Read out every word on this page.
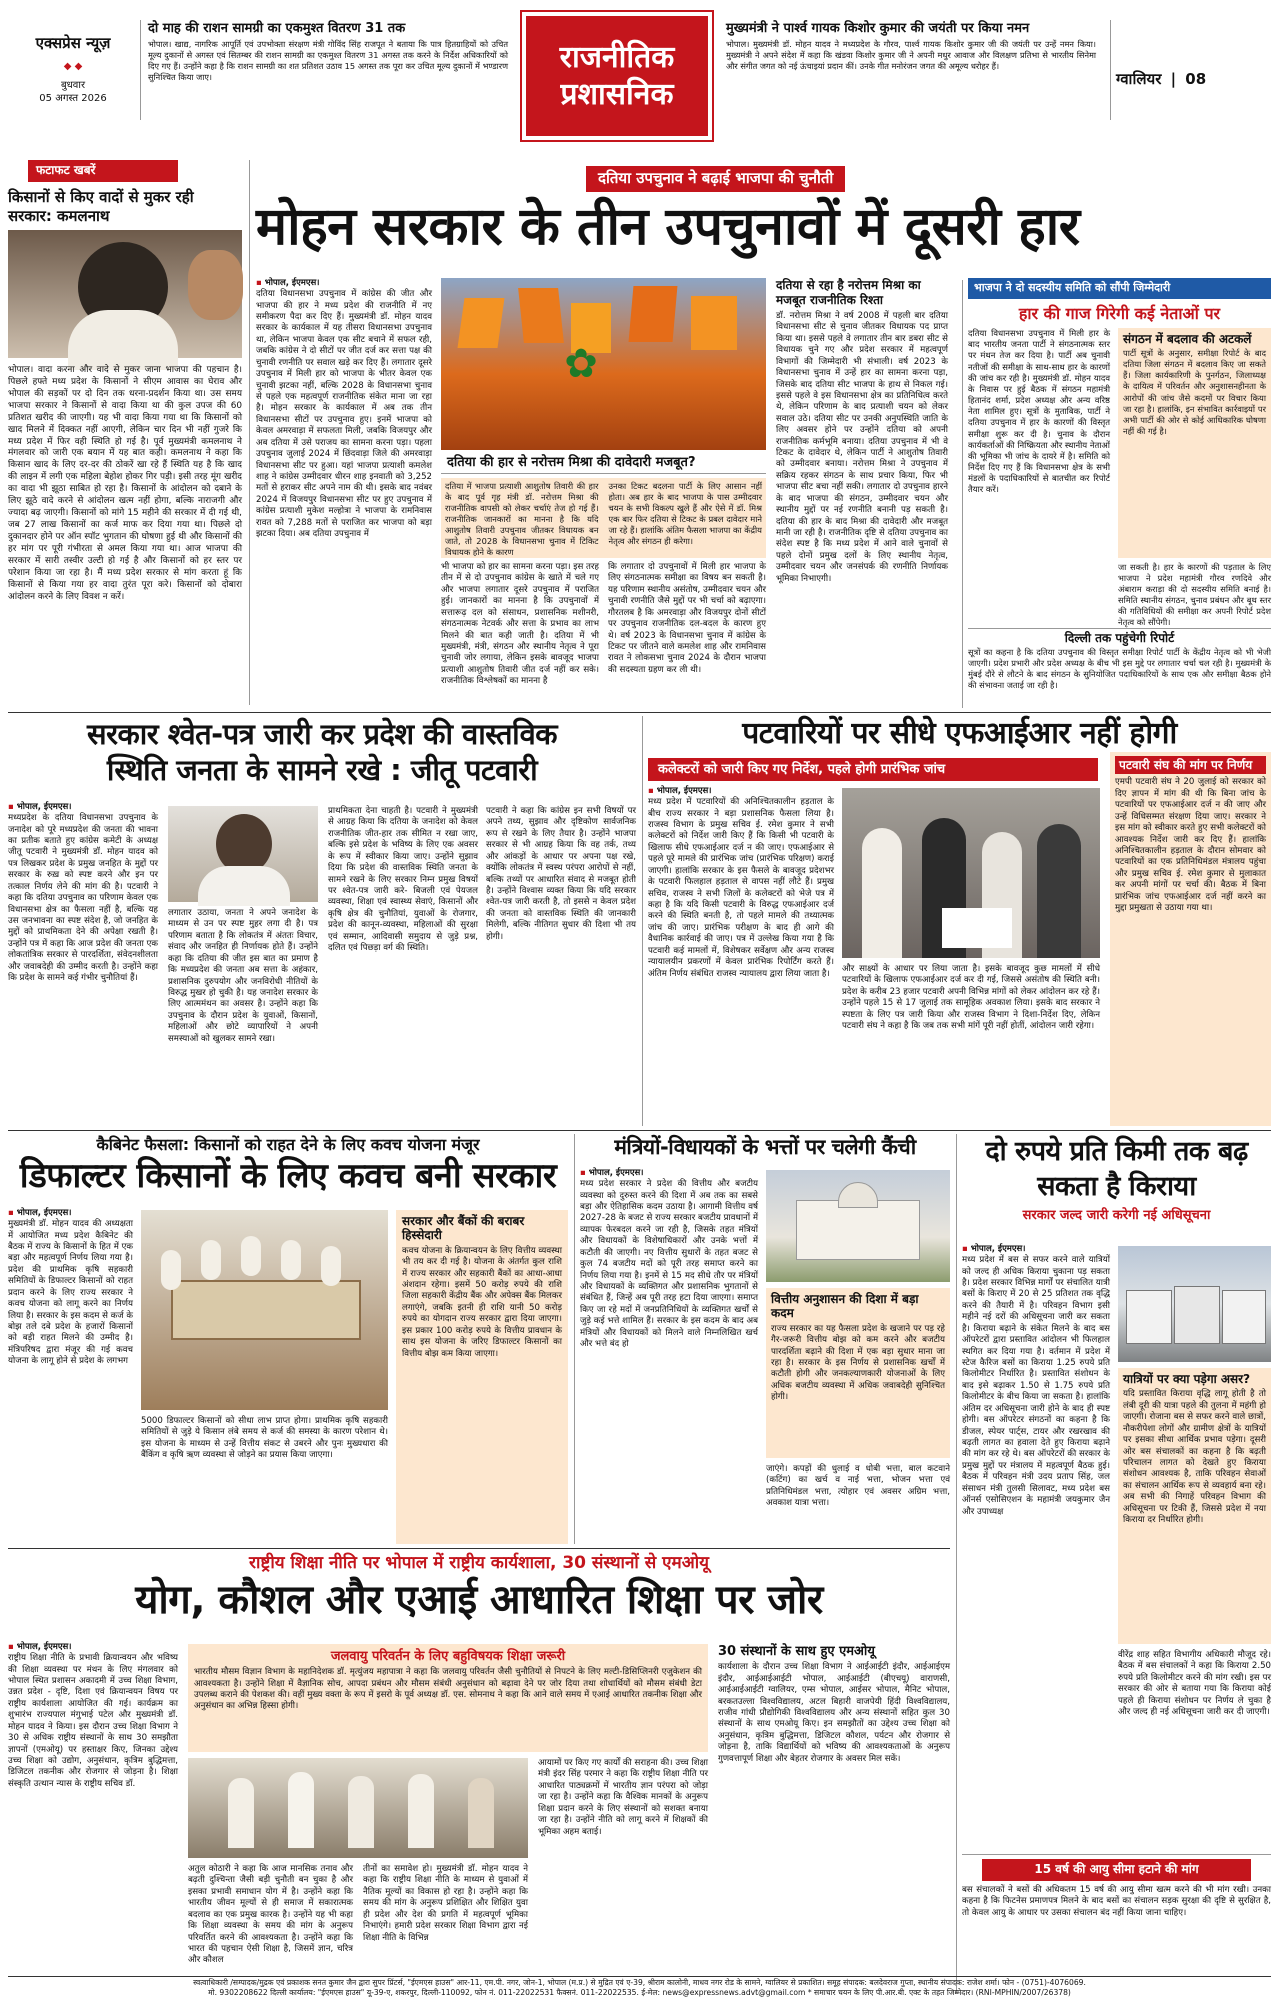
एक्सप्रेस न्यूज़
◆ ◆
बुधवार
05 अगस्त 2026
दो माह की राशन सामग्री का एकमुश्त वितरण 31 तक
भोपाल। खाद्य, नागरिक आपूर्ति एवं उपभोक्ता संरक्षण मंत्री गोविंद सिंह राजपूत ने बताया कि पात्र हितग्राहियों को उचित मूल्य दुकानों से अगस्त एवं सितम्बर की राशन सामग्री का एकमुश्त वितरण 31 अगस्त तक करने के निर्देश अधिकारियों को दिए गए हैं। उन्होंने कहा है कि राशन सामग्री का शत प्रतिशत उठाव 15 अगस्त तक पूरा कर उचित मूल्य दुकानों में भण्डारण सुनिश्चित किया जाए।
राजनीतिक प्रशासनिक
मुख्यमंत्री ने पार्श्व गायक किशोर कुमार की जयंती पर किया नमन
भोपाल। मुख्यमंत्री डॉ. मोहन यादव ने मध्यप्रदेश के गौरव, पार्श्व गायक किशोर कुमार जी की जयंती पर उन्हें नमन किया। मुख्यमंत्री ने अपने संदेश में कहा कि खंडवा किशोर कुमार जी ने अपनी मधुर आवाज और विलक्षण प्रतिभा से भारतीय सिनेमा और संगीत जगत को नई ऊंचाइयां प्रदान कीं। उनके गीत मनोरंजन जगत की अमूल्य धरोहर हैं।
ग्वालियर | 08
फटाफट खबरें
किसानों से किए वादों से मुकर रही सरकार: कमलनाथ
भोपाल। वादा करना और वादे से मुकर जाना भाजपा की पहचान है। पिछले हफ्ते मध्य प्रदेश के किसानों ने सीएम आवास का घेराव और भोपाल की सड़कों पर दो दिन तक धरना-प्रदर्शन किया था। उस समय भाजपा सरकार ने किसानों से वादा किया था की कुल उपज की 60 प्रतिशत खरीद की जाएगी। यह भी वादा किया गया था कि किसानों को खाद मिलने में दिक्कत नहीं आएगी, लेकिन चार दिन भी नहीं गुजरे कि मध्य प्रदेश में फिर वही स्थिति हो गई है। पूर्व मुख्यमंत्री कमलनाथ ने मंगलवार को जारी एक बयान में यह बात कही। कमलनाथ ने कहा कि किसान खाद के लिए दर-दर की ठोकरें खा रहे हैं स्थिति यह है कि खाद की लाइन में लगी एक महिला बेहोश होकर गिर पड़ी। इसी तरह मूंग खरीद का वादा भी झूठा साबित हो रहा है। किसानों के आंदोलन को दबाने के लिए झूठे वादे करने से आंदोलन खत्म नहीं होगा, बल्कि नाराजगी और ज्यादा बढ़ जाएगी। किसानों को मांगे 15 महीने की सरकार में दी गई थी, जब 27 लाख किसानों का कर्ज माफ कर दिया गया था। पिछले दो दुकानदार होने पर ऑन स्पॉट भुगतान की घोषणा हुई थी और किसानों की हर मांग पर पूरी गंभीरता से अमल किया गया था। आज भाजपा की सरकार में सारी तस्वीर उल्टी हो गई है और किसानों को हर स्तर पर परेशान किया जा रहा है। मैं मध्य प्रदेश सरकार से मांग करता हूं कि किसानों से किया गया हर वादा तुरंत पूरा करे। किसानों को दोबारा आंदोलन करने के लिए विवश न करें।
दतिया उपचुनाव ने बढ़ाई भाजपा की चुनौती
मोहन सरकार के तीन उपचुनावों में दूसरी हार
▪ भोपाल, ईएमएस।
दतिया विधानसभा उपचुनाव में कांग्रेस की जीत और भाजपा की हार ने मध्य प्रदेश की राजनीति में नए समीकरण पैदा कर दिए हैं। मुख्यमंत्री डॉ. मोहन यादव सरकार के कार्यकाल में यह तीसरा विधानसभा उपचुनाव था, लेकिन भाजपा केवल एक सीट बचाने में सफल रही, जबकि कांग्रेस ने दो सीटों पर जीत दर्ज कर सत्ता पक्ष की चुनावी रणनीति पर सवाल खड़े कर दिए हैं। लगातार दूसरे उपचुनाव में मिली हार को भाजपा के भीतर केवल एक चुनावी झटका नहीं, बल्कि 2028 के विधानसभा चुनाव से पहले एक महत्वपूर्ण राजनीतिक संकेत माना जा रहा है। मोहन सरकार के कार्यकाल में अब तक तीन विधानसभा सीटों पर उपचुनाव हुए। इनमें भाजपा को केवल अमरवाड़ा में सफलता मिली, जबकि विजयपुर और अब दतिया में उसे पराजय का सामना करना पड़ा। पहला उपचुनाव जुलाई 2024 में छिंदवाड़ा जिले की अमरवाड़ा विधानसभा सीट पर हुआ। यहां भाजपा प्रत्याशी कमलेश शाह ने कांग्रेस उम्मीदवार धीरन शाह इनवाती को 3,252 मतों से हराकर सीट अपने नाम की थी। इसके बाद नवंबर 2024 में विजयपुर विधानसभा सीट पर हुए उपचुनाव में कांग्रेस प्रत्याशी मुकेश मल्होत्रा ने भाजपा के रामनिवास रावत को 7,288 मतों से पराजित कर भाजपा को बड़ा झटका दिया। अब दतिया उपचुनाव में
✿
दतिया की हार से नरोत्तम मिश्रा की दावेदारी मजबूत?
दतिया में भाजपा प्रत्याशी आशुतोष तिवारी की हार के बाद पूर्व गृह मंत्री डॉ. नरोत्तम मिश्रा की राजनीतिक वापसी को लेकर चर्चाएं तेज हो गई हैं। राजनीतिक जानकारों का मानना है कि यदि आशुतोष तिवारी उपचुनाव जीतकर विधायक बन जाते, तो 2028 के विधानसभा चुनाव में टिकिट विधायक होने के कारण
उनका टिकट बदलना पार्टी के लिए आसान नहीं होता। अब हार के बाद भाजपा के पास उम्मीदवार चयन के सभी विकल्प खुले हैं और ऐसे में डॉ. मिश्र एक बार फिर दतिया से टिकट के प्रबल दावेदार माने जा रहे हैं। हालांकि अंतिम फैसला भाजपा का केंद्रीय नेतृत्व और संगठन ही करेगा।
भी भाजपा को हार का सामना करना पड़ा। इस तरह तीन में से दो उपचुनाव कांग्रेस के खाते में चले गए और भाजपा लगातार दूसरे उपचुनाव में पराजित हुई। जानकारों का मानना है कि उपचुनावों में सत्तारूढ़ दल को संसाधन, प्रशासनिक मशीनरी, संगठनात्मक नेटवर्क और सत्ता के प्रभाव का लाभ मिलने की बात कही जाती है। दतिया में भी मुख्यमंत्री, मंत्री, संगठन और स्थानीय नेतृत्व ने पूरा चुनावी जोर लगाया, लेकिन इसके बावजूद भाजपा प्रत्याशी आशुतोष तिवारी जीत दर्ज नहीं कर सके। राजनीतिक विश्लेषकों का मानना है
कि लगातार दो उपचुनावों में मिली हार भाजपा के लिए संगठनात्मक समीक्षा का विषय बन सकती है। यह परिणाम स्थानीय असंतोष, उम्मीदवार चयन और चुनावी रणनीति जैसे मुद्दों पर भी चर्चा को बढ़ाएगा। गौरतलब है कि अमरवाड़ा और विजयपुर दोनों सीटों पर उपचुनाव राजनीतिक दल-बदल के कारण हुए थे। वर्ष 2023 के विधानसभा चुनाव में कांग्रेस के टिकट पर जीतने वाले कमलेश शाह और रामनिवास रावत ने लोकसभा चुनाव 2024 के दौरान भाजपा की सदस्यता ग्रहण कर ली थी।
दतिया से रहा है नरोत्तम मिश्रा का मजबूत राजनीतिक रिश्ता
डॉ. नरोत्तम मिश्रा ने वर्ष 2008 में पहली बार दतिया विधानसभा सीट से चुनाव जीतकर विधायक पद प्राप्त किया था। इससे पहले वे लगातार तीन बार डबरा सीट से विधायक चुने गए और प्रदेश सरकार में महत्वपूर्ण विभागों की जिम्मेदारी भी संभाली। वर्ष 2023 के विधानसभा चुनाव में उन्हें हार का सामना करना पड़ा, जिसके बाद दतिया सीट भाजपा के हाथ से निकल गई। इससे पहले वे इस विधानसभा क्षेत्र का प्रतिनिधित्व करते थे, लेकिन परिणाम के बाद प्रत्याशी चयन को लेकर सवाल उठे। दतिया सीट पर उनकी अनुपस्थिति जाति के लिए अवसर होने पर उन्होंने दतिया को अपनी राजनीतिक कर्मभूमि बनाया। दतिया उपचुनाव में भी वे टिकट के दावेदार थे, लेकिन पार्टी ने आशुतोष तिवारी को उम्मीदवार बनाया। नरोत्तम मिश्रा ने उपचुनाव में सक्रिय रहकर संगठन के साथ प्रचार किया, फिर भी भाजपा सीट बचा नहीं सकी। लगातार दो उपचुनाव हारने के बाद भाजपा की संगठन, उम्मीदवार चयन और स्थानीय मुद्दों पर नई रणनीति बनानी पड़ सकती है। दतिया की हार के बाद मिश्रा की दावेदारी और मजबूत मानी जा रही है। राजनीतिक दृष्टि से दतिया उपचुनाव का संदेश स्पष्ट है कि मध्य प्रदेश में आने वाले चुनावों से पहले दोनों प्रमुख दलों के लिए स्थानीय नेतृत्व, उम्मीदवार चयन और जनसंपर्क की रणनीति निर्णायक भूमिका निभाएगी।
भाजपा ने दो सदस्यीय समिति को सौंपी जिम्मेदारी
हार की गाज गिरेगी कई नेताओं पर
दतिया विधानसभा उपचुनाव में मिली हार के बाद भारतीय जनता पार्टी ने संगठनात्मक स्तर पर मंथन तेज कर दिया है। पार्टी अब चुनावी नतीजों की समीक्षा के साथ-साथ हार के कारणों की जांच कर रही है। मुख्यमंत्री डॉ. मोहन यादव के निवास पर हुई बैठक में संगठन महामंत्री हितानंद शर्मा, प्रदेश अध्यक्ष और अन्य वरिष्ठ नेता शामिल हुए। सूत्रों के मुताबिक, पार्टी ने दतिया उपचुनाव में हार के कारणों की विस्तृत समीक्षा शुरू कर दी है। चुनाव के दौरान कार्यकर्ताओं की निष्क्रियता और स्थानीय नेताओं की भूमिका भी जांच के दायरे में है। समिति को निर्देश दिए गए हैं कि विधानसभा क्षेत्र के सभी मंडलों के पदाधिकारियों से बातचीत कर रिपोर्ट तैयार करें।
संगठन में बदलाव की अटकलें
पार्टी सूत्रों के अनुसार, समीक्षा रिपोर्ट के बाद दतिया जिला संगठन में बदलाव किए जा सकते हैं। जिला कार्यकारिणी के पुनर्गठन, जिलाध्यक्ष के दायित्व में परिवर्तन और अनुशासनहीनता के आरोपों की जांच जैसे कदमों पर विचार किया जा रहा है। हालांकि, इन संभावित कार्रवाइयों पर अभी पार्टी की ओर से कोई आधिकारिक घोषणा नहीं की गई है।
जा सकती है। हार के कारणों की पड़ताल के लिए भाजपा ने प्रदेश महामंत्री गौरव रणदिवे और अंबाराम कराड़ा की दो सदस्यीय समिति बनाई है। समिति स्थानीय संगठन, चुनाव प्रबंधन और बूथ स्तर की गतिविधियों की समीक्षा कर अपनी रिपोर्ट प्रदेश नेतृत्व को सौंपेगी।
दिल्ली तक पहुंचेगी रिपोर्ट
सूत्रों का कहना है कि दतिया उपचुनाव की विस्तृत समीक्षा रिपोर्ट पार्टी के केंद्रीय नेतृत्व को भी भेजी जाएगी। प्रदेश प्रभारी और प्रदेश अध्यक्ष के बीच भी इस मुद्दे पर लगातार चर्चा चल रही है। मुख्यमंत्री के मुंबई दौरे से लौटने के बाद संगठन के सुनियोजित पदाधिकारियों के साथ एक और समीक्षा बैठक होने की संभावना जताई जा रही है।
सरकार श्वेत-पत्र जारी कर प्रदेश की वास्तविक
स्थिति जनता के सामने रखे : जीतू पटवारी
▪ भोपाल, ईएमएस।
मध्यप्रदेश के दतिया विधानसभा उपचुनाव के जनादेश को पूरे मध्यप्रदेश की जनता की भावना का प्रतीक बताते हुए कांग्रेस कमेटी के अध्यक्ष जीतू पटवारी ने मुख्यमंत्री डॉ. मोहन यादव को पत्र लिखकर प्रदेश के प्रमुख जनहित के मुद्दों पर सरकार के रुख़ को स्पष्ट करने और इन पर तत्काल निर्णय लेने की मांग की है। पटवारी ने कहा कि दतिया उपचुनाव का परिणाम केवल एक विधानसभा क्षेत्र का फैसला नहीं है, बल्कि यह उस जनभावना का स्पष्ट संदेश है, जो जनहित के मुद्दों को प्राथमिकता देने की अपेक्षा रखती है। उन्होंने पत्र में कहा कि आज प्रदेश की जनता एक लोकतांत्रिक सरकार से पारदर्शिता, संवेदनशीलता और जवाबदेही की उम्मीद करती है। उन्होंने कहा कि प्रदेश के सामने कई गंभीर चुनौतियां हैं।
लगातार उठाया, जनता ने अपने जनादेश के माध्यम से उन पर स्पष्ट मुहर लगा दी है। पत्र परिणाम बताता है कि लोकतंत्र में अंततः विचार, संवाद और जनहित ही निर्णायक होते हैं। उन्होंने कहा कि दतिया की जीत इस बात का प्रमाण है कि मध्यप्रदेश की जनता अब सत्ता के अहंकार, प्रशासनिक दुरुपयोग और जनविरोधी नीतियों के विरुद्ध मुखर हो चुकी है। यह जनादेश सरकार के लिए आत्ममंथन का अवसर है। उन्होंने कहा कि उपचुनाव के दौरान प्रदेश के युवाओं, किसानों, महिलाओं और छोटे व्यापारियों ने अपनी समस्याओं को खुलकर सामने रखा।
प्राथमिकता देना चाहती है। पटवारी ने मुख्यमंत्री से आग्रह किया कि दतिया के जनादेश को केवल राजनीतिक जीत-हार तक सीमित न रखा जाए, बल्कि इसे प्रदेश के भविष्य के लिए एक अवसर के रूप में स्वीकार किया जाए। उन्होंने सुझाव दिया कि प्रदेश की वास्तविक स्थिति जनता के सामने रखने के लिए सरकार निम्न प्रमुख विषयों पर श्वेत-पत्र जारी करे- बिजली एवं पेयजल व्यवस्था, शिक्षा एवं स्वास्थ्य सेवाएं, किसानों और कृषि क्षेत्र की चुनौतियां, युवाओं के रोजगार, प्रदेश की कानून-व्यवस्था, महिलाओं की सुरक्षा एवं सम्मान, आदिवासी समुदाय से जुड़े प्रश्न, दलित एवं पिछड़ा वर्ग की स्थिति।
पटवारी ने कहा कि कांग्रेस इन सभी विषयों पर अपने तथ्य, सुझाव और दृष्टिकोण सार्वजनिक रूप से रखने के लिए तैयार है। उन्होंने भाजपा सरकार से भी आग्रह किया कि वह तर्क, तथ्य और आंकड़ों के आधार पर अपना पक्ष रखे, क्योंकि लोकतंत्र में स्वस्थ परंपरा आरोपों से नहीं, बल्कि तथ्यों पर आधारित संवाद से मजबूत होती है। उन्होंने विश्वास व्यक्त किया कि यदि सरकार श्वेत-पत्र जारी करती है, तो इससे न केवल प्रदेश की जनता को वास्तविक स्थिति की जानकारी मिलेगी, बल्कि नीतिगत सुधार की दिशा भी तय होगी।
पटवारियों पर सीधे एफआईआर नहीं होगी
कलेक्टरों को जारी किए गए निर्देश, पहले होगी प्रारंभिक जांच
▪ भोपाल, ईएमएस।
मध्य प्रदेश में पटवारियों की अनिश्चितकालीन हड़ताल के बीच राज्य सरकार ने बड़ा प्रशासनिक फैसला लिया है। राजस्व विभाग के प्रमुख सचिव ई. रमेश कुमार ने सभी कलेक्टरों को निर्देश जारी किए हैं कि किसी भी पटवारी के खिलाफ सीधे एफआईआर दर्ज न की जाए। एफआईआर से पहले पूरे मामले की प्रारंभिक जांच (प्रारंभिक परिक्षण) कराई जाएगी। हालांकि सरकार के इस फैसले के बावजूद प्रदेशभर के पटवारी फिलहाल हड़ताल से वापस नहीं लौटे हैं। प्रमुख सचिव, राजस्व ने सभी जिलों के कलेक्टरों को भेजे पत्र में कहा है कि यदि किसी पटवारी के विरुद्ध एफआईआर दर्ज करने की स्थिति बनती है, तो पहले मामले की तथ्यात्मक जांच की जाए। प्रारंभिक परीक्षण के बाद ही आगे की वैधानिक कार्रवाई की जाए। पत्र में उल्लेख किया गया है कि पटवारी कई मामलों में, विशेषकर सर्वेक्षण और अन्य राजस्व न्यायालयीन प्रकरणों में केवल प्रारंभिक रिपोर्टिंग करते हैं। अंतिम निर्णय संबंधित राजस्व न्यायालय द्वारा लिया जाता है।	और साक्ष्यों के आधार पर लिया जाता है। इसके बावजूद कुछ मामलों में सीधे पटवारियों के खिलाफ एफआईआर दर्ज कर दी गई, जिससे असंतोष की स्थिति बनी। प्रदेश के करीब 23 हजार पटवारी अपनी विभिन्न मांगों को लेकर आंदोलन कर रहे हैं। उन्होंने पहले 15 से 17 जुलाई तक सामूहिक अवकाश लिया। इसके बाद सरकार ने स्पष्टता के लिए पत्र जारी किया और राजस्व विभाग ने दिशा-निर्देश दिए, लेकिन पटवारी संघ ने कहा है कि जब तक सभी मांगें पूरी नहीं होतीं, आंदोलन जारी रहेगा।
पटवारी संघ की मांग पर निर्णय
एमपी पटवारी संघ ने 20 जुलाई को सरकार को दिए ज्ञापन में मांग की थी कि बिना जांच के पटवारियों पर एफआईआर दर्ज न की जाए और उन्हें विधिसम्मत संरक्षण दिया जाए। सरकार ने इस मांग को स्वीकार करते हुए सभी कलेक्टरों को आवश्यक निर्देश जारी कर दिए हैं। हालांकि अनिश्चितकालीन हड़ताल के दौरान सोमवार को पटवारियों का एक प्रतिनिधिमंडल मंत्रालय पहुंचा और प्रमुख सचिव ई. रमेश कुमार से मुलाकात कर अपनी मांगों पर चर्चा की। बैठक में बिना प्रारंभिक जांच एफआईआर दर्ज नहीं करने का मुद्दा प्रमुखता से उठाया गया था।
कैबिनेट फैसला: किसानों को राहत देने के लिए कवच योजना मंजूर
डिफाल्टर किसानों के लिए कवच बनी सरकार
▪ भोपाल, ईएमएस।
मुख्यमंत्री डॉ. मोहन यादव की अध्यक्षता में आयोजित मध्य प्रदेश कैबिनेट की बैठक में राज्य के किसानों के हित में एक बड़ा और महत्वपूर्ण निर्णय लिया गया है। प्रदेश की प्राथमिक कृषि सहकारी समितियों के डिफाल्टर किसानों को राहत प्रदान करने के लिए राज्य सरकार ने कवच योजना को लागू करने का निर्णय लिया है। सरकार के इस कदम से कर्ज के बोझ तले दबे प्रदेश के हजारों किसानों को बड़ी राहत मिलने की उम्मीद है। मंत्रिपरिषद द्वारा मंजूर की गई कवच योजना के लागू होने से प्रदेश के लगभग
5000 डिफाल्टर किसानों को सीधा लाभ प्राप्त होगा। प्राथमिक कृषि सहकारी समितियों से जुड़े ये किसान लंबे समय से कर्ज की समस्या के कारण परेशान थे। इस योजना के माध्यम से उन्हें वित्तीय संकट से उबरने और पुनः मुख्यधारा की बैंकिंग व कृषि ऋण व्यवस्था से जोड़ने का प्रयास किया जाएगा।
सरकार और बैंकों की बराबर हिस्सेदारी
कवच योजना के क्रियान्वयन के लिए वित्तीय व्यवस्था भी तय कर दी गई है। योजना के अंतर्गत कुल राशि में राज्य सरकार और सहकारी बैंकों का आधा-आधा अंशदान रहेगा। इसमें 50 करोड़ रुपये की राशि जिला सहकारी केंद्रीय बैंक और अपेक्स बैंक मिलकर लगाएंगे, जबकि इतनी ही राशि यानी 50 करोड़ रुपये का योगदान राज्य सरकार द्वारा दिया जाएगा। इस प्रकार 100 करोड़ रुपये के वित्तीय प्रावधान के साथ इस योजना के जरिए डिफाल्टर किसानों का वित्तीय बोझ कम किया जाएगा।
मंत्रियों-विधायकों के भत्तों पर चलेगी कैंची
▪ भोपाल, ईएमएस।
मध्य प्रदेश सरकार ने प्रदेश की वित्तीय और बजटीय व्यवस्था को दुरुस्त करने की दिशा में अब तक का सबसे बड़ा और ऐतिहासिक कदम उठाया है। आगामी वित्तीय वर्ष 2027-28 के बजट से राज्य सरकार बजटीय प्रावधानों में व्यापक फेरबदल करने जा रही है, जिसके तहत मंत्रियों और विधायकों के विशेषाधिकारों और उनके भत्तों में कटौती की जाएगी। नए वित्तीय सुधारों के तहत बजट से कुल 74 बजटीय मदों को पूरी तरह समाप्त करने का निर्णय लिया गया है। इनमें से 15 मद सीधे तौर पर मंत्रियों और विधायकों के व्यक्तिगत और प्रशासनिक भुगतानों से संबंधित हैं, जिन्हें अब पूरी तरह हटा दिया जाएगा। समाप्त किए जा रहे मदों में जनप्रतिनिधियों के व्यक्तिगत खर्चों से जुड़े कई भत्ते शामिल हैं। सरकार के इस कदम के बाद अब मंत्रियों और विधायकों को मिलने वाले निम्नलिखित खर्च और भत्ते बंद हो
वित्तीय अनुशासन की दिशा में बड़ा कदम
राज्य सरकार का यह फैसला प्रदेश के खजाने पर पड़ रहे गैर-जरूरी वित्तीय बोझ को कम करने और बजटीय पारदर्शिता बढ़ाने की दिशा में एक बड़ा सुधार माना जा रहा है। सरकार के इस निर्णय से प्रशासनिक खर्चों में कटौती होगी और जनकल्याणकारी योजनाओं के लिए अधिक बजटीय व्यवस्था में अधिक जवाबदेही सुनिश्चित होगी।
जाएंगे। कपड़ों की धुलाई व धोबी भत्ता, बाल कटवाने (कटिंग) का खर्च व नाई भत्ता, भोजन भत्ता एवं प्रतिनिधिमंडल भत्ता, त्योहार एवं अवसर अग्रिम भत्ता, अवकाश यात्रा भत्ता।
दो रुपये प्रति किमी तक बढ़ सकता है किराया
सरकार जल्द जारी करेगी नई अधिसूचना
▪ भोपाल, ईएमएस।
मध्य प्रदेश में बस से सफर करने वाले यात्रियों को जल्द ही अधिक किराया चुकाना पड़ सकता है। प्रदेश सरकार विभिन्न मार्गों पर संचालित यात्री बसों के किराए में 20 से 25 प्रतिशत तक वृद्धि करने की तैयारी में है। परिवहन विभाग इसी महीने नई दरों की अधिसूचना जारी कर सकता है। किराया बढ़ाने के संकेत मिलने के बाद बस ऑपरेटरों द्वारा प्रस्तावित आंदोलन भी फिलहाल स्थगित कर दिया गया है। वर्तमान में प्रदेश में स्टेज कैरिज बसों का किराया 1.25 रुपये प्रति किलोमीटर निर्धारित है। प्रस्तावित संशोधन के बाद इसे बढ़ाकर 1.50 से 1.75 रुपये प्रति किलोमीटर के बीच किया जा सकता है। हालांकि अंतिम दर अधिसूचना जारी होने के बाद ही स्पष्ट होगी। बस ऑपरेटर संगठनों का कहना है कि डीजल, स्पेयर पार्ट्स, टायर और रखरखाव की बढ़ती लागत का हवाला देते हुए किराया बढ़ाने की मांग कर रहे थे। बस ऑपरेटरों की सरकार के प्रमुख मुद्दों पर मंत्रालय में महत्वपूर्ण बैठक हुई। बैठक में परिवहन मंत्री उदय प्रताप सिंह, जल संसाधन मंत्री तुलसी सिलावट, मध्य प्रदेश बस ऑनर्स एसोसिएशन के महामंत्री जयकुमार जैन और उपाध्यक्ष
यात्रियों पर क्या पड़ेगा असर?
यदि प्रस्तावित किराया वृद्धि लागू होती है तो लंबी दूरी की यात्रा पहले की तुलना में महंगी हो जाएगी। रोजाना बस से सफर करने वाले छात्रों, नौकरीपेशा लोगों और ग्रामीण क्षेत्रों के यात्रियों पर इसका सीधा आर्थिक प्रभाव पड़ेगा। दूसरी ओर बस संचालकों का कहना है कि बढ़ती परिचालन लागत को देखते हुए किराया संशोधन आवश्यक है, ताकि परिवहन सेवाओं का संचालन आर्थिक रूप से व्यवहार्य बना रहे। अब सभी की निगाहें परिवहन विभाग की अधिसूचना पर टिकी हैं, जिससे प्रदेश में नया किराया दर निर्धारित होगी।
वीरेंद्र शाह सहित विभागीय अधिकारी मौजूद रहे। बैठक में बस संचालकों ने कहा कि किराया 2.50 रुपये प्रति किलोमीटर करने की मांग रखी। इस पर सरकार की ओर से बताया गया कि किराया कोई पहले ही किराया संशोधन पर निर्णय ले चुका है और जल्द ही नई अधिसूचना जारी कर दी जाएगी।
15 वर्ष की आयु सीमा हटाने की मांग
बस संचालकों ने बसों की अधिकतम 15 वर्ष की आयु सीमा खत्म करने की भी मांग रखी। उनका कहना है कि फिटनेस प्रमाणपत्र मिलने के बाद बसों का संचालन सड़क सुरक्षा की दृष्टि से सुरक्षित है, तो केवल आयु के आधार पर उसका संचालन बंद नहीं किया जाना चाहिए।
राष्ट्रीय शिक्षा नीति पर भोपाल में राष्ट्रीय कार्यशाला, 30 संस्थानों से एमओयू
योग, कौशल और एआई आधारित शिक्षा पर जोर
▪ भोपाल, ईएमएस।
राष्ट्रीय शिक्षा नीति के प्रभावी क्रियान्वयन और भविष्य की शिक्षा व्यवस्था पर मंथन के लिए मंगलवार को भोपाल स्थित प्रशासन अकादमी में उच्च शिक्षा विभाग, उन्नत प्रदेश - दृष्टि, दिशा एवं क्रियान्वयन विषय पर राष्ट्रीय कार्यशाला आयोजित की गई। कार्यक्रम का शुभारंभ राज्यपाल मंगुभाई पटेल और मुख्यमंत्री डॉ. मोहन यादव ने किया। इस दौरान उच्च शिक्षा विभाग ने 30 से अधिक राष्ट्रीय संस्थानों के साथ 30 समझौता ज्ञापनों (एमओयू) पर हस्ताक्षर किए, जिनका उद्देश्य उच्च शिक्षा को उद्योग, अनुसंधान, कृत्रिम बुद्धिमत्ता, डिजिटल तकनीक और रोजगार से जोड़ना है। शिक्षा संस्कृति उत्थान न्यास के राष्ट्रीय सचिव डॉ.
जलवायु परिवर्तन के लिए बहुविषयक शिक्षा जरूरी
भारतीय मौसम विज्ञान विभाग के महानिदेशक डॉ. मृत्युंजय महापात्रा ने कहा कि जलवायु परिवर्तन जैसी चुनौतियों से निपटने के लिए मल्टी-डिसिप्लिनरी एजुकेशन की आवश्यकता है। उन्होंने शिक्षा में वैज्ञानिक सोच, आपदा प्रबंधन और मौसम संबंधी अनुसंधान को बढ़ावा देने पर जोर दिया तथा शोधार्थियों को मौसम संबंधी डेटा उपलब्ध कराने की पेशकश की। वहीं मुख्य वक्ता के रूप में इसरो के पूर्व अध्यक्ष डॉ. एस. सोमनाथ ने कहा कि आने वाले समय में एआई आधारित तकनीक शिक्षा और अनुसंधान का अभिन्न हिस्सा होगी।
अतुल कोठारी ने कहा कि आज मानसिक तनाव और बढ़ती दुश्चिन्ता जैसी बड़ी चुनौती बन चुका है और इसका प्रभावी समाधान योग में है। उन्होंने कहा कि भारतीय जीवन मूल्यों से ही समाज में सकारात्मक बदलाव का एक प्रमुख कारक है। उन्होंने यह भी कहा कि शिक्षा व्यवस्था के समय की मांग के अनुरूप परिवर्तित करने की आवश्यकता है। उन्होंने कहा कि भारत की पहचान ऐसी शिक्षा है, जिसमें ज्ञान, चरित्र और कौशल
तीनों का समावेश हो। मुख्यमंत्री डॉ. मोहन यादव ने कहा कि राष्ट्रीय शिक्षा नीति के माध्यम से युवाओं में नैतिक मूल्यों का विकास हो रहा है। उन्होंने कहा कि समय की मांग के अनुरूप प्रशिक्षित और शिक्षित युवा ही प्रदेश और देश की प्रगति में महत्वपूर्ण भूमिका निभाएंगे। हमारी प्रदेश सरकार शिक्षा विभाग द्वारा नई शिक्षा नीति के विभिन्न
आयामों पर किए गए कार्यों की सराहना की। उच्च शिक्षा मंत्री इंदर सिंह परमार ने कहा कि राष्ट्रीय शिक्षा नीति पर आधारित पाठ्यक्रमों में भारतीय ज्ञान परंपरा को जोड़ा जा रहा है। उन्होंने कहा कि वैश्विक मानकों के अनुरूप शिक्षा प्रदान करने के लिए संस्थानों को सशक्त बनाया जा रहा है। उन्होंने नीति को लागू करने में शिक्षकों की भूमिका अहम बताई।
30 संस्थानों के साथ हुए एमओयू
कार्यशाला के दौरान उच्च शिक्षा विभाग ने आईआईटी इंदौर, आईआईएम इंदौर, आईआईआईटी भोपाल, आईआईटी (बीएचयू) वाराणसी, आईआईआईटी ग्वालियर, एम्स भोपाल, आईसर भोपाल, मैनिट भोपाल, बरकतउल्ला विश्वविद्यालय, अटल बिहारी वाजपेयी हिंदी विश्वविद्यालय, राजीव गांधी प्रौद्योगिकी विश्वविद्यालय और अन्य संस्थानों सहित कुल 30 संस्थानों के साथ एमओयू किए। इन समझौतों का उद्देश्य उच्च शिक्षा को अनुसंधान, कृत्रिम बुद्धिमत्ता, डिजिटल कौशल, पर्यटन और रोजगार से जोड़ना है, ताकि विद्यार्थियों को भविष्य की आवश्यकताओं के अनुरूप गुणवत्तापूर्ण शिक्षा और बेहतर रोजगार के अवसर मिल सकें।
स्वत्वाधिकारी /सम्पादक/मुद्रक एवं प्रकाशक सनत कुमार जैन द्वारा सुपर प्रिंटर्स, "ईएमएस हाउस" आर-11, एम.पी. नगर, जोन-1, भोपाल (म.प्र.) से मुद्रित एवं ए-39, श्रीराम कालोनी, माधव नगर रोड के सामने, ग्वालियर से प्रकाशित। समूह संपादक: बलदेवराज गुप्ता, स्थानीय संपादक: राजेश शर्मा। फोन - (0751)-4076069.
मो. 9302208622 दिल्ली कार्यालय: "ईएमएस हाउस" यू-39-ए, शकरपुर, दिल्ली-110092, फोन नं. 011-22022531 फैक्सनं. 011-22022535. ई-मेल: news@expressnews.advt@gmail.com * समाचार चयन के लिए पी.आर.बी. एक्ट के तहत जिम्मेदार। (RNI-MPHIN/2007/26378)
